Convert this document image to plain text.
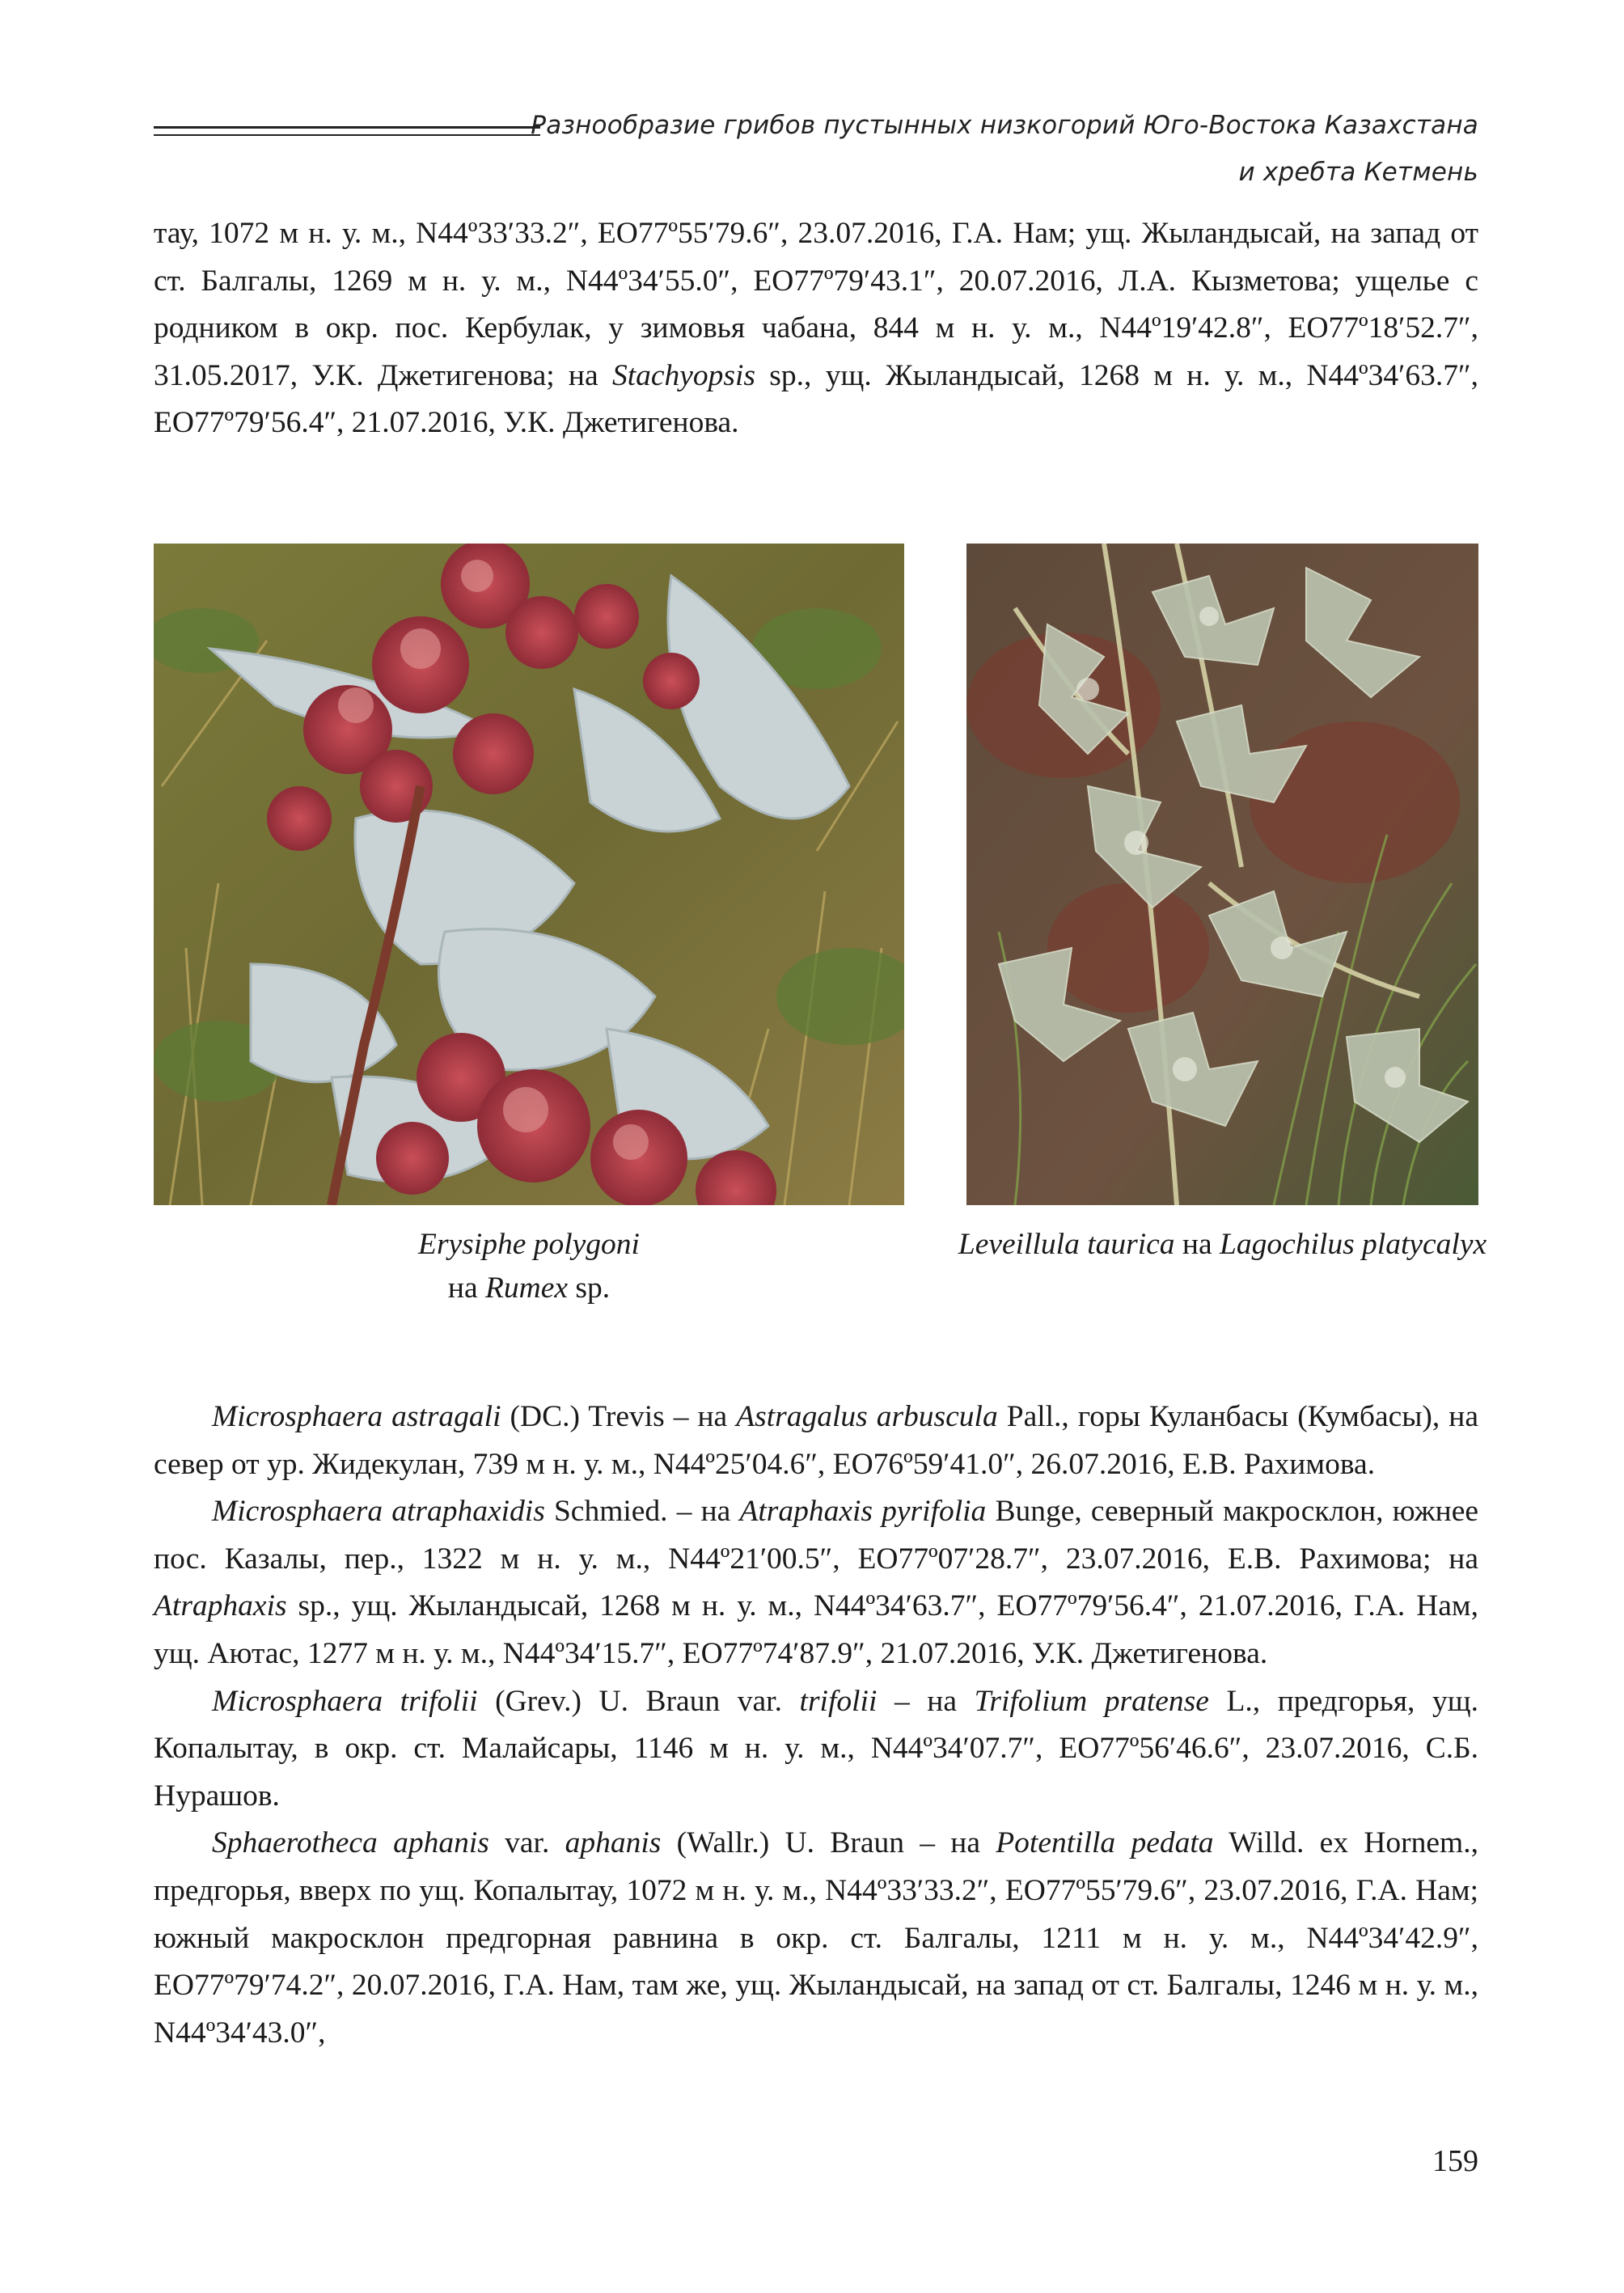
Разнообразие грибов пустынных низкогорий Юго-Востока Казахстана
и хребта Кетмень

тау, 1072 м н. у. м., N44º33′33.2″, EO77º55′79.6″, 23.07.2016, Г.А. Нам; ущ. Жыландысай, на запад от ст. Балгалы, 1269 м н. у. м., N44º34′55.0″, EO77º79′43.1″, 20.07.2016, Л.А. Кызметова; ущелье с родником в окр. пос. Кербулак, у зимовья чабана, 844 м н. у. м., N44º19′42.8″, EO77º18′52.7″, 31.05.2017, У.К. Джетигенова; на Stachyopsis sp., ущ. Жыландысай, 1268 м н. у. м., N44º34′63.7″, EO77º79′56.4″, 21.07.2016, У.К. Джетигенова.

Erysiphe polygoni
на Rumex sp.
Leveillula taurica на Lagochilus platycalyx

Microsphaera astragali (DC.) Trevis – на Astragalus arbuscula Pall., горы Куланбасы (Кумбасы), на север от ур. Жидекулан, 739 м н. у. м., N44º25′04.6″, EO76º59′41.0″, 26.07.2016, Е.В. Рахимова.

Microsphaera atraphaxidis Schmied. – на Atraphaxis pyrifolia Bunge, северный макросклон, южнее пос. Казалы, пер., 1322 м н. у. м., N44º21′00.5″, EO77º07′28.7″, 23.07.2016, Е.В. Рахимова; на Atraphaxis sp., ущ. Жыландысай, 1268 м н. у. м., N44º34′63.7″, EO77º79′56.4″, 21.07.2016, Г.А. Нам, ущ. Аютас, 1277 м н. у. м., N44º34′15.7″, EO77º74′87.9″, 21.07.2016, У.К. Джетигенова.

Microsphaera trifolii (Grev.) U. Braun var. trifolii – на Trifolium pratense L., предгорья, ущ. Копалытау, в окр. ст. Малайсары, 1146 м н. у. м., N44º34′07.7″, EO77º56′46.6″, 23.07.2016, С.Б. Нурашов.

Sphaerotheca aphanis var. aphanis (Wallr.) U. Braun – на Potentilla pedata Willd. ex Hornem., предгорья, вверх по ущ. Копалытау, 1072 м н. у. м., N44º33′33.2″, EO77º55′79.6″, 23.07.2016, Г.А. Нам; южный макросклон предгорная равнина в окр. ст. Балгалы, 1211 м н. у. м., N44º34′42.9″, EO77º79′74.2″, 20.07.2016, Г.А. Нам, там же, ущ. Жыландысай, на запад от ст. Балгалы, 1246 м н. у. м., N44º34′43.0″,

159
